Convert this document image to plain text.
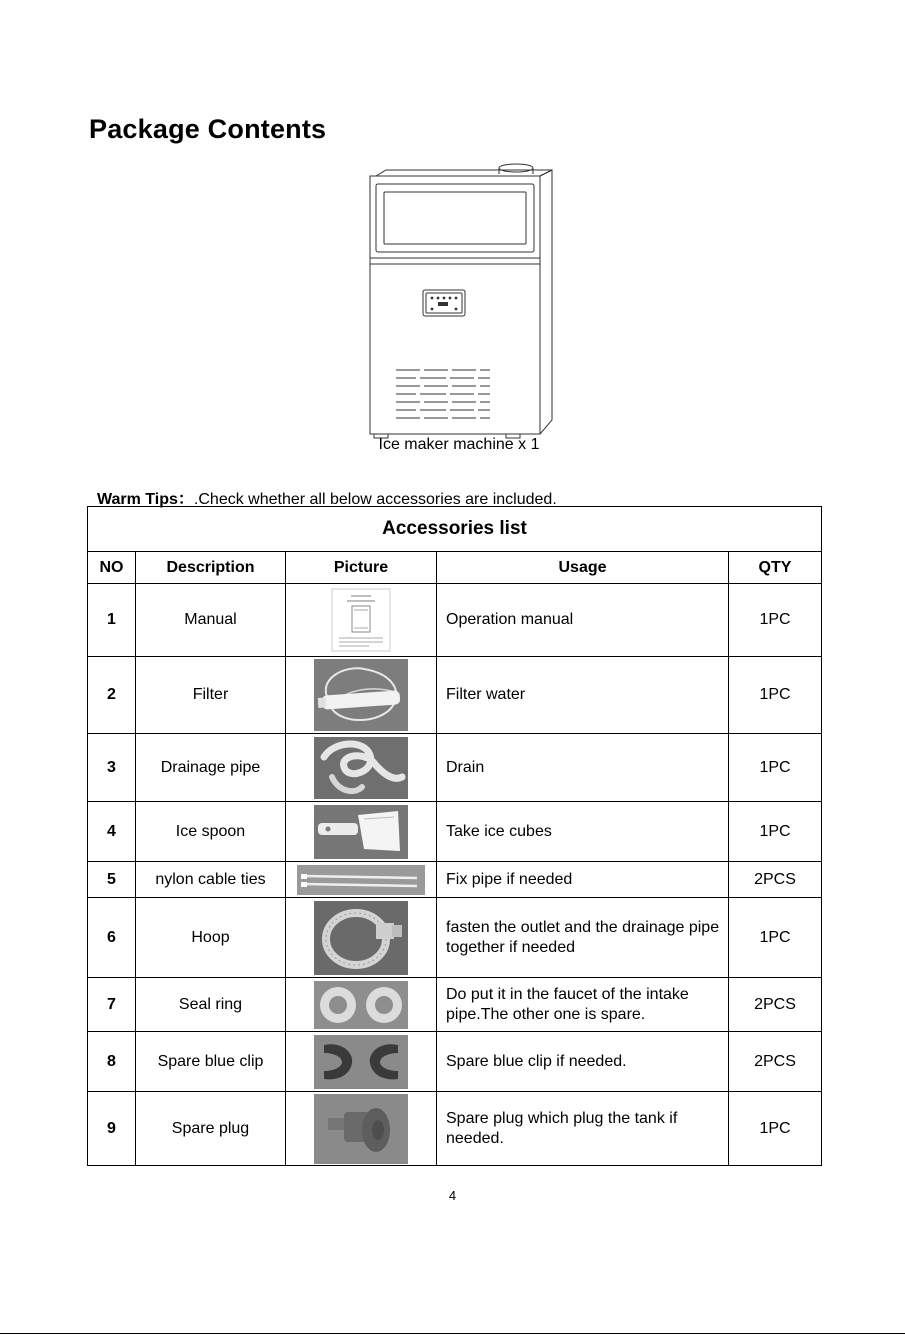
Package Contents
Ice maker machine x 1
Warm Tips：.Check whether all below accessories are included.
Accessories list				
NO	Description	Picture	Usage	QTY
1	Manual		Operation manual	1PC
2	Filter		Filter water	1PC
3	Drainage pipe		Drain	1PC
4	Ice spoon		Take ice cubes	1PC
5	nylon cable ties		Fix pipe if needed	2PCS
6	Hoop		fasten the outlet and the drainage pipe together if needed	1PC
7	Seal ring		Do put it in the faucet of the intake pipe.The other one is spare.	2PCS
8	Spare blue clip		Spare blue clip if needed.	2PCS
9	Spare plug		Spare plug which plug the tank if needed.	1PC
4
